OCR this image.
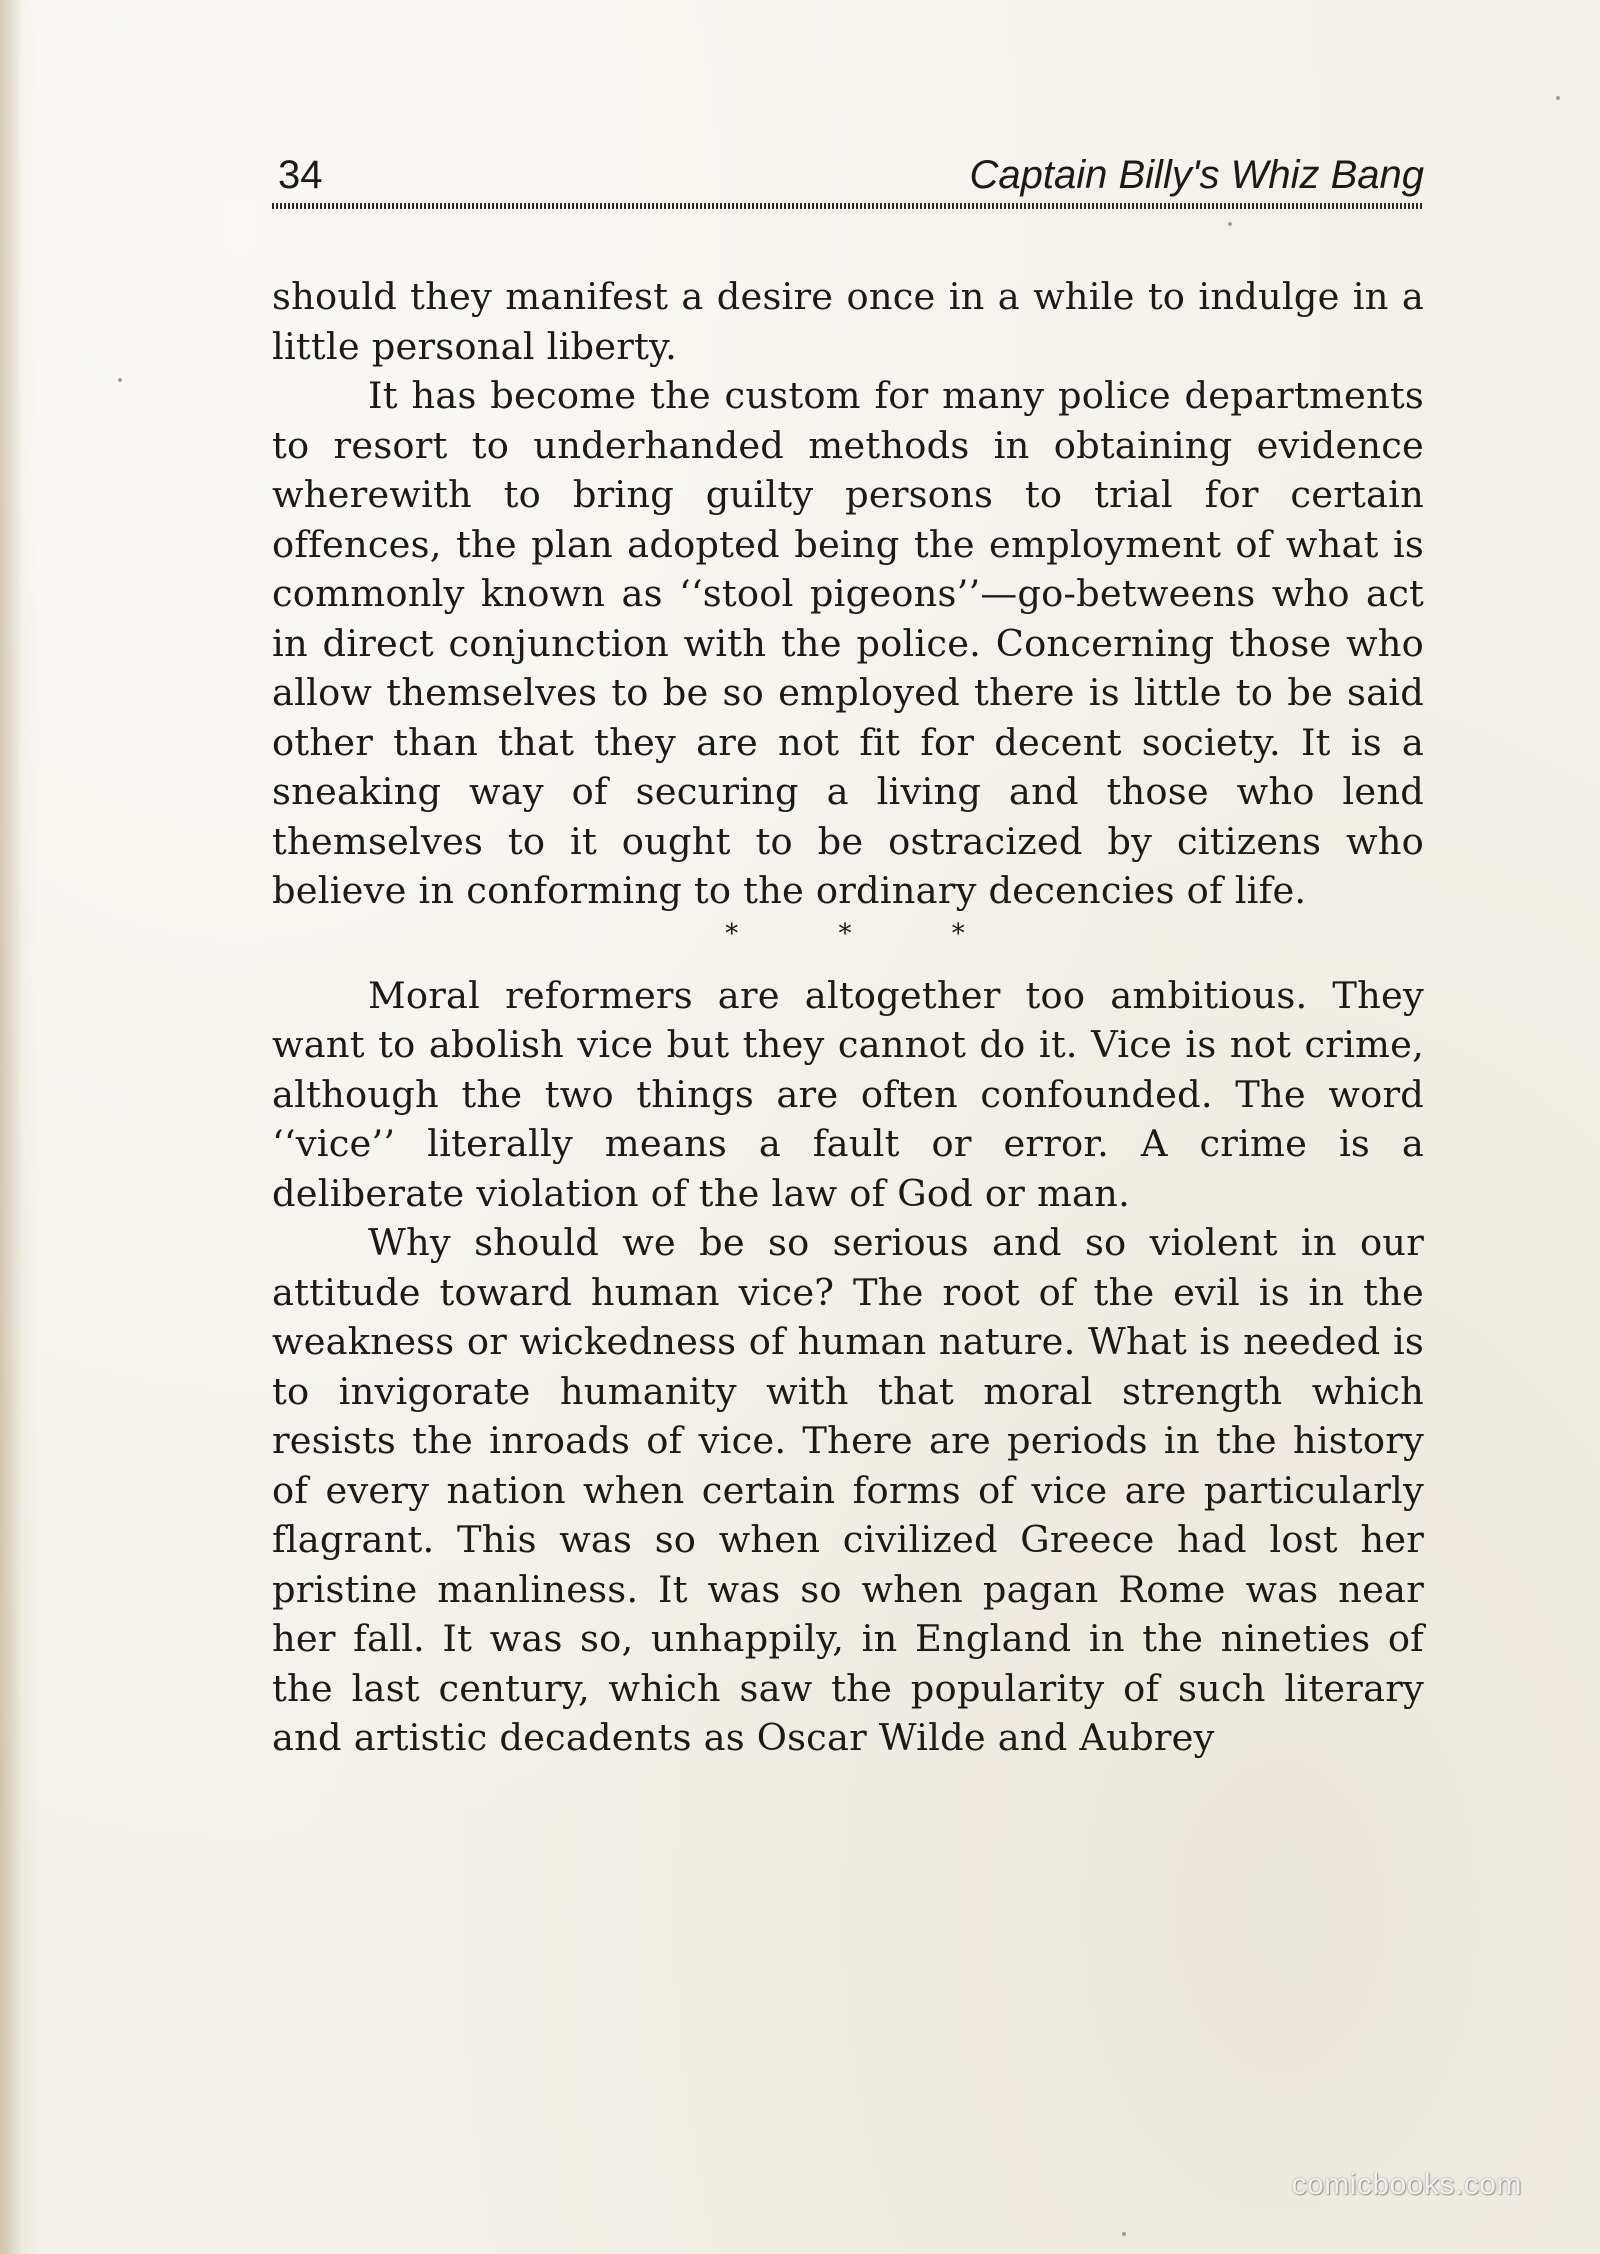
34	Captain Billy's Whiz Bang

should they manifest a desire once in a while to indulge in a little personal liberty.

It has become the custom for many police departments to resort to underhanded methods in obtaining evidence wherewith to bring guilty persons to trial for certain offences, the plan adopted being the employment of what is commonly known as ‘‘stool pigeons’’—go-betweens who act in direct conjunction with the police. Concerning those who allow themselves to be so employed there is little to be said other than that they are not fit for decent society. It is a sneaking way of securing a living and those who lend themselves to it ought to be ostracized by citizens who believe in conforming to the ordinary decencies of life.

* * *

Moral reformers are altogether too ambitious. They want to abolish vice but they cannot do it. Vice is not crime, although the two things are often confounded. The word ‘‘vice’’ literally means a fault or error. A crime is a deliberate violation of the law of God or man.

Why should we be so serious and so violent in our attitude toward human vice? The root of the evil is in the weakness or wickedness of human nature. What is needed is to invigorate humanity with that moral strength which resists the inroads of vice. There are periods in the history of every nation when certain forms of vice are particularly flagrant. This was so when civilized Greece had lost her pristine manliness. It was so when pagan Rome was near her fall. It was so, unhappily, in England in the nineties of the last century, which saw the popularity of such literary and artistic decadents as Oscar Wilde and Aubrey

comicbooks.com
